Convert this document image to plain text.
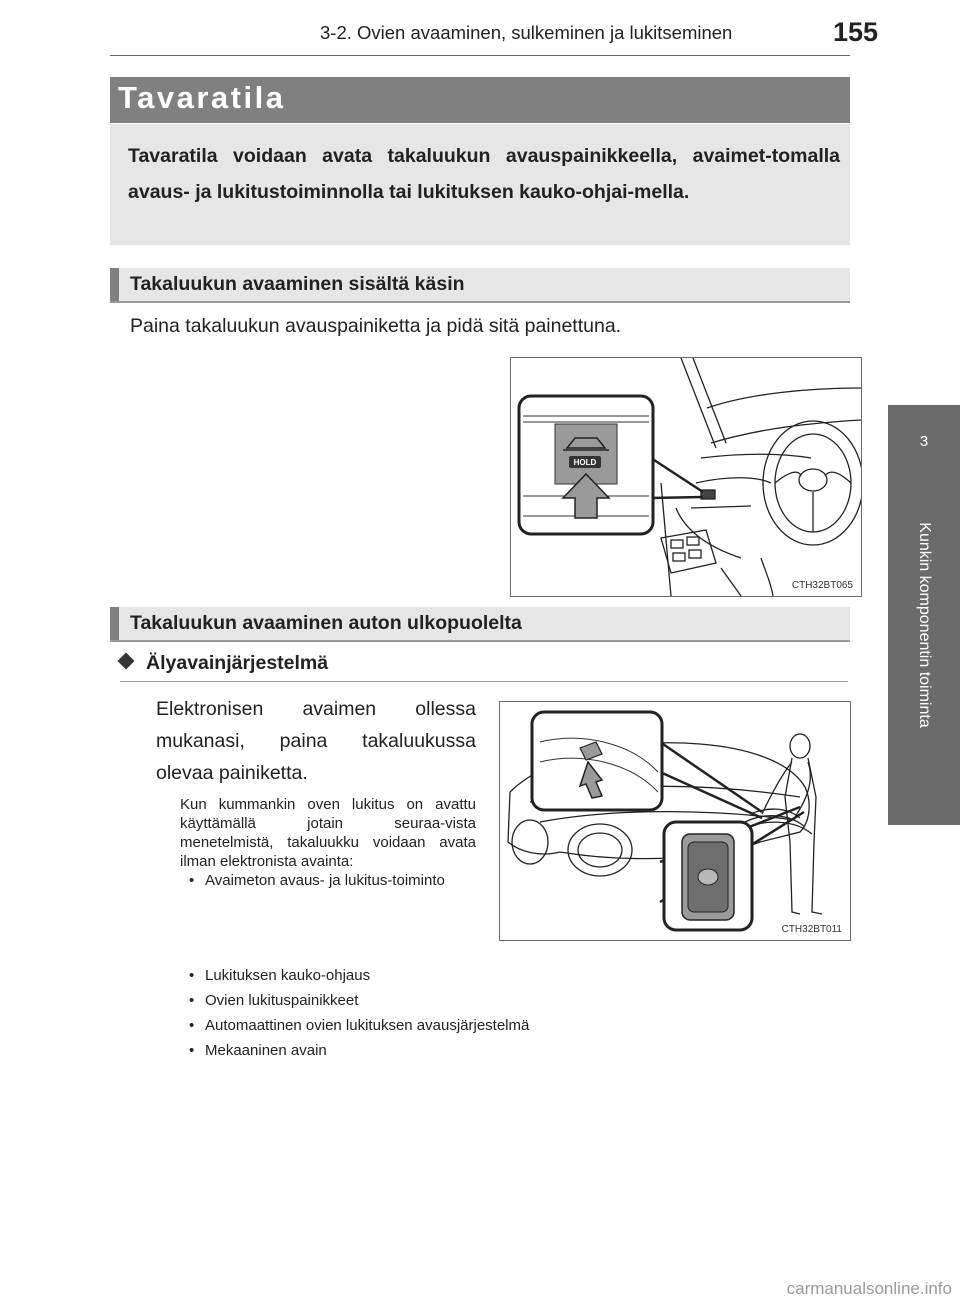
3-2. Ovien avaaminen, sulkeminen ja lukitseminen	155
3
Kunkin komponentin toiminta
Tavaratila
Tavaratila voidaan avata takaluukun avauspainikkeella, avaimet-tomalla avaus- ja lukitustoiminnolla tai lukituksen kauko-ohjai-mella.
Takaluukun avaaminen sisältä käsin
Paina takaluukun avauspainiketta ja pidä sitä painettuna.
HOLD
CTH32BT065
Takaluukun avaaminen auton ulkopuolelta
Älyavainjärjestelmä
Elektronisen avaimen ollessa mukanasi, paina takaluukussa olevaa painiketta.
Kun kummankin oven lukitus on avattu käyttämällä jotain seuraa-vista menetelmistä, takaluukku voidaan avata ilman elektronista avainta:
• Avaimeton avaus- ja lukitus-toiminto
• Lukituksen kauko-ohjaus
• Ovien lukituspainikkeet
• Automaattinen ovien lukituksen avausjärjestelmä
• Mekaaninen avain
CTH32BT011
carmanualsonline.info
